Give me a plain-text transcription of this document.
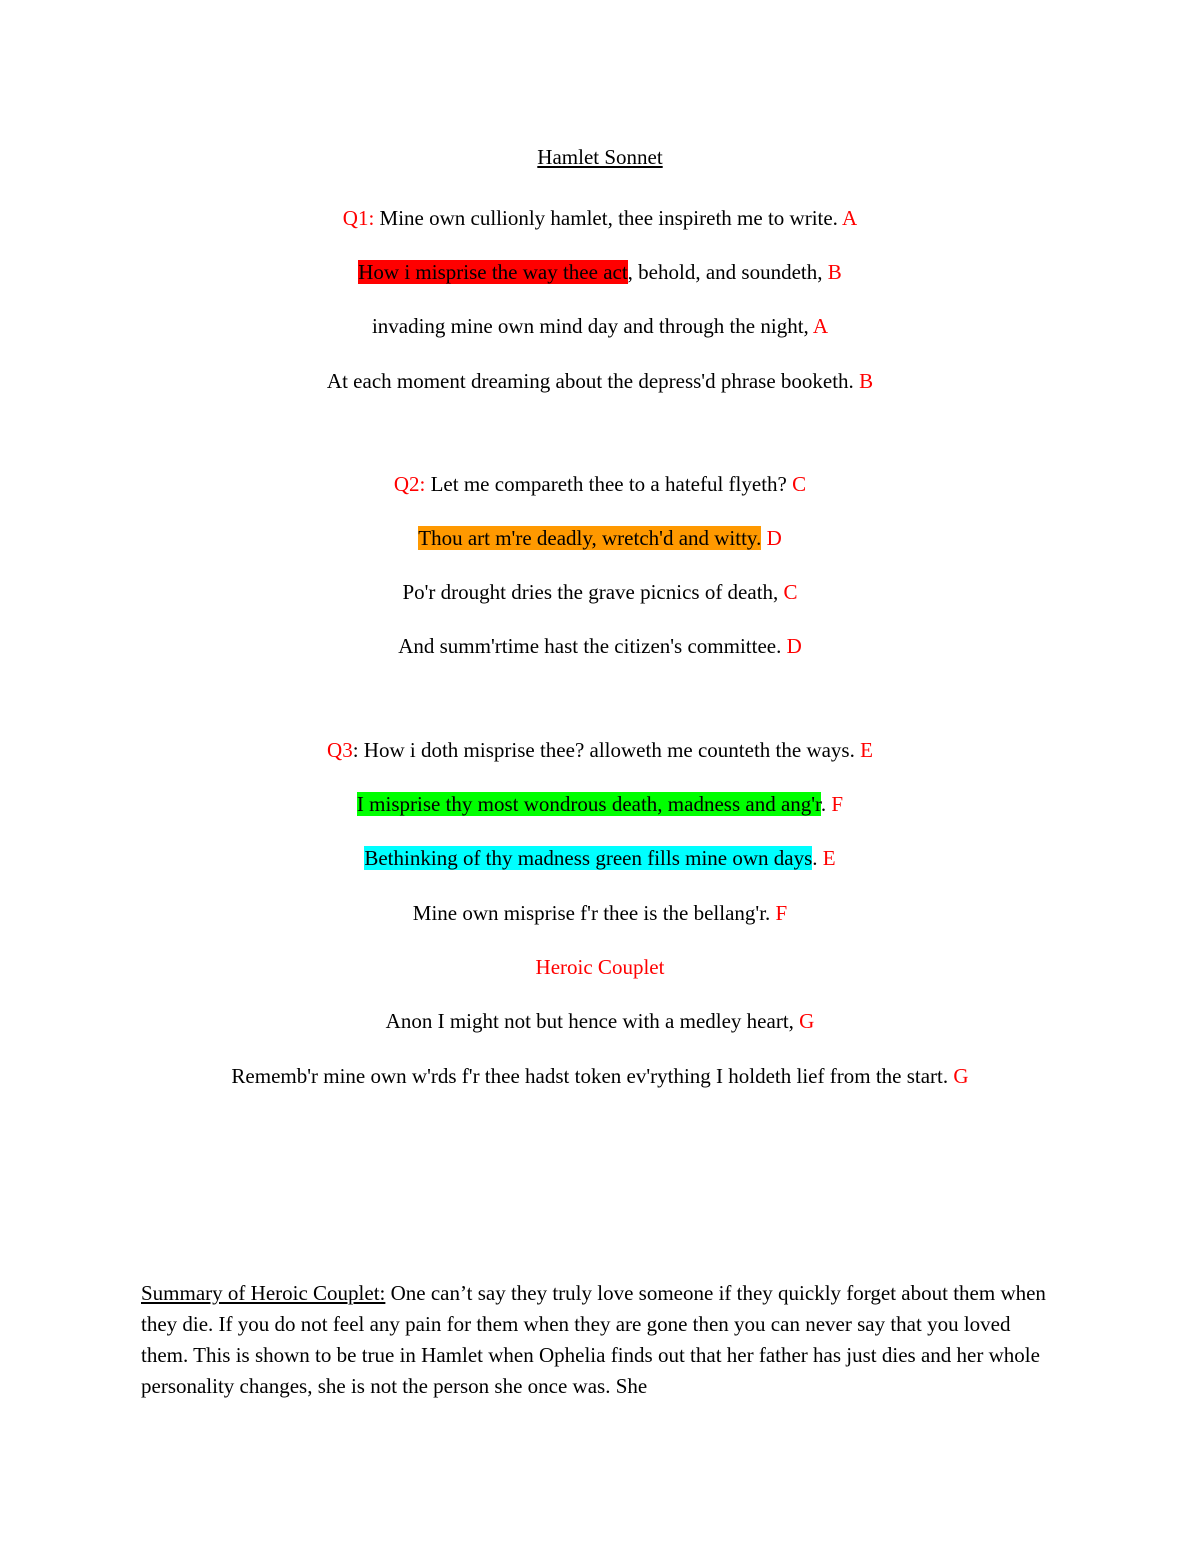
Hamlet Sonnet
Q1: Mine own cullionly hamlet, thee inspireth me to write. A
How i misprise the way thee act, behold, and soundeth, B
invading mine own mind day and through the night, A
At each moment dreaming about the depress'd phrase booketh. B
Q2: Let me compareth thee to a hateful flyeth? C
Thou art m're deadly, wretch'd and witty. D
Po'r drought dries the grave picnics of death, C
And summ'rtime hast the citizen's committee. D
Q3: How i doth misprise thee? alloweth me counteth the ways. E
I misprise thy most wondrous death, madness and ang'r. F
Bethinking of thy madness green fills mine own days. E
Mine own misprise f'r thee is the bellang'r. F
Heroic Couplet
Anon I might not but hence with a medley heart, G
Rememb'r mine own w'rds f'r thee hadst token ev'rything I holdeth lief from the start. G
Summary of Heroic Couplet: One can’t say they truly love someone if they quickly forget about them when they die. If you do not feel any pain for them when they are gone then you can never say that you loved them. This is shown to be true in Hamlet when Ophelia finds out that her father has just dies and her whole personality changes, she is not the person she once was. She
